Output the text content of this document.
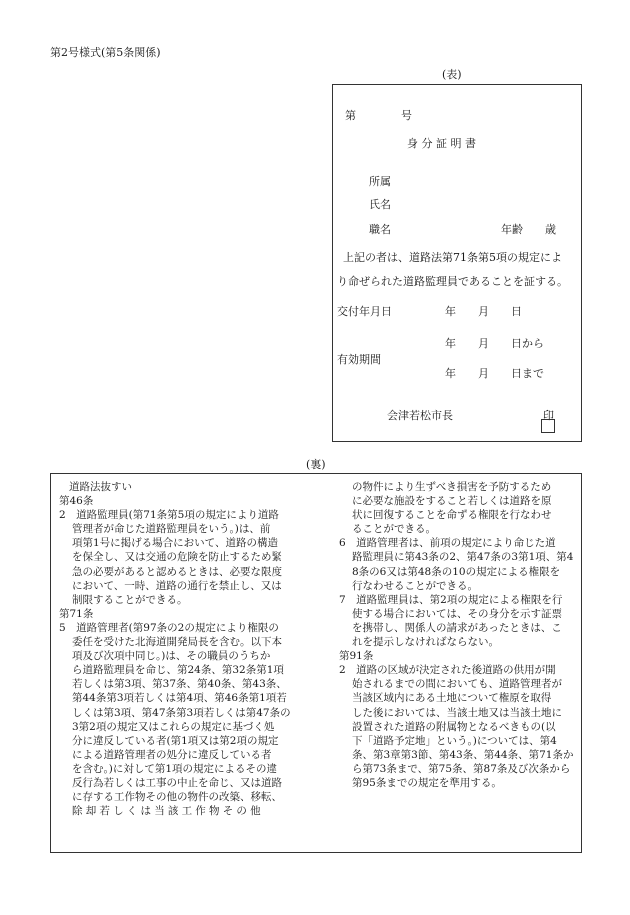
第2号様式(第5条関係)
(表)
第	号
身 分 証 明 書
所属
氏名
職名	年齢　　歳
上記の者は、道路法第71条第5項の規定によ
り命ぜられた道路監理員であることを証する。
交付年月日	年　　月　　日
年　　月　　日から
有効期間
年　　月　　日まで
会津若松市長	印
(裏)
道路法抜すい
第46条
2　道路監理員(第71条第5項の規定により道路
管理者が命じた道路監理員をいう。)は、前
項第1号に掲げる場合において、道路の構造
を保全し、又は交通の危険を防止するため緊
急の必要があると認めるときは、必要な限度
において、一時、道路の通行を禁止し、又は
制限することができる。
第71条
5　道路管理者(第97条の2の規定により権限の
委任を受けた北海道開発局長を含む。以下本
項及び次項中同じ。)は、その職員のうちか
ら道路監理員を命じ、第24条、第32条第1項
若しくは第3項、第37条、第40条、第43条、
第44条第3項若しくは第4項、第46条第1項若
しくは第3項、第47条第3項若しくは第47条の
3第2項の規定又はこれらの規定に基づく処
分に違反している者(第1項又は第2項の規定
による道路管理者の処分に違反している者
を含む。)に対して第1項の規定によるその違
反行為若しくは工事の中止を命じ、又は道路
に存する工作物その他の物件の改築、移転、
除却若しくは当該工作物その他
の物件により生ずべき損害を予防するため
に必要な施設をすること若しくは道路を原
状に回復することを命ずる権限を行なわせ
ることができる。
6　道路管理者は、前項の規定により命じた道
路監理員に第43条の2、第47条の3第1項、第4
8条の6又は第48条の10の規定による権限を
行なわせることができる。
7　道路監理員は、第2項の規定による権限を行
使する場合においては、その身分を示す証票
を携帯し、関係人の請求があったときは、こ
れを提示しなければならない。
第91条
2　道路の区域が決定された後道路の供用が開
始されるまでの間においても、道路管理者が
当該区域内にある土地について権原を取得
した後においては、当該土地又は当該土地に
設置された道路の附属物となるべきもの(以
下「道路予定地」という。)については、第4
条、第3章第3節、第43条、第44条、第71条か
ら第73条まで、第75条、第87条及び次条から
第95条までの規定を準用する。
